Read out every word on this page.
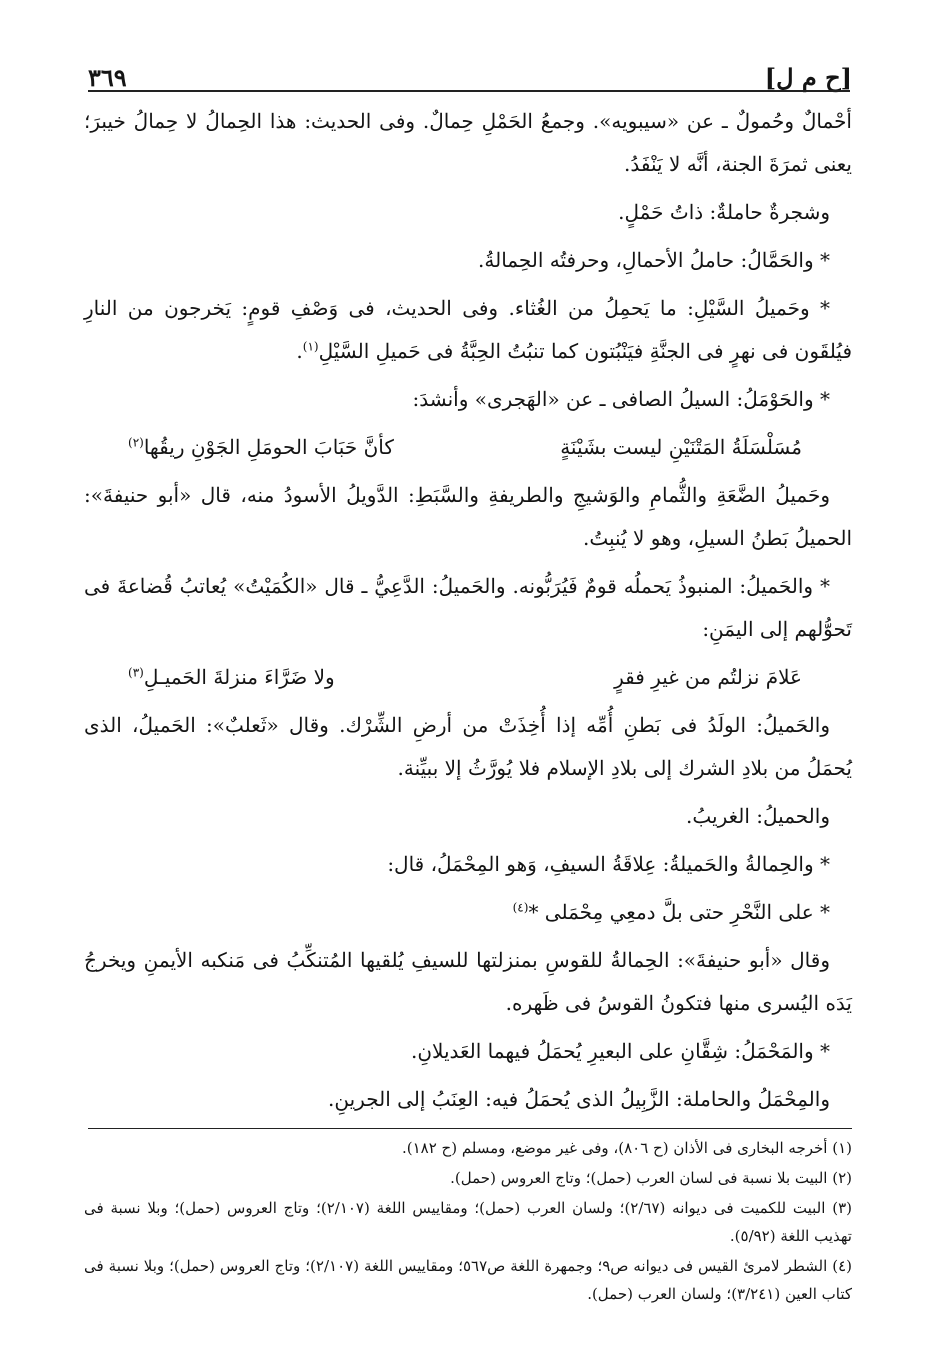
[ح م ل]
٣٦٩

أحْمالٌ وحُمولٌ ـ عن «سيبويه». وجمعُ الحَمْلِ حِمالٌ. وفى الحديث: هذا الحِمالُ لا حِمالُ خيبرَ؛ يعنى ثمرَةَ الجنة، أنَّه لا يَنْفَدُ.

وشجرةٌ حاملةٌ: ذاتُ حَمْلٍ.

* والحَمَّالُ: حاملُ الأحمالِ، وحرفتُه الحِمالةُ.

* وحَميلُ السَّيْلِ: ما يَحمِلُ من الغُثاء. وفى الحديث، فى وَصْفِ قومٍ: يَخرجون من النارِ فيُلقَون فى نهرٍ فى الجنَّةِ فيَنْبُتون كما تنبُتُ الحِبَّةُ فى حَميلِ السَّيْلِ$^{(١)}$.

* والحَوْمَلُ: السيلُ الصافى ـ عن «الهَجرى» وأنشدَ:

مُسَلْسَلَةُ المَتْنَيْنِ ليست بشَيْنَةٍ
كأنَّ حَبَابَ الحومَلِ الجَوْنِ ريقُها$^{(٢)}$

وحَميلُ الضَّعَةِ والثُّمامِ والوَشيجِ والطريفةِ والسَّبَطِ: الدَّويلُ الأسودُ منه، قال «أبو حنيفةَ»: الحميلُ بَطنُ السيلِ، وهو لا يُنبِتُ.

* والحَميلُ: المنبوذُ يَحملُه قومٌ فَيُرَبُّونه. والحَميلُ: الدَّعِيُّ ـ قال «الكُمَيْتُ» يُعاتبُ قُضاعةَ فى تَحوُّلهم إلى اليمَنِ:

عَلامَ نزلتُم من غيرِ فقرٍ
ولا ضَرَّاءَ منزلةَ الحَميـلِ$^{(٣)}$

والحَميلُ: الولَدُ فى بَطنِ أُمِّه إذا أُخِذَتْ من أرضِ الشِّرْك. وقال «ثَعلبٌ»: الحَميلُ، الذى يُحمَلُ من بلادِ الشرك إلى بلادِ الإسلام فلا يُورَّثُ إلا ببيِّنة.

والحميلُ: الغريبُ.

* والحِمالةُ والحَميلةُ: عِلاقَةُ السيفِ، وَهو المِحْمَلُ، قال:

* على النَّحْرِ حتى بلَّ دمعِي مِحْمَلى *$^{(٤)}$

وقال «أبو حنيفةَ»: الحِمالةُ للقوسِ بمنزلتها للسيفِ يُلقيها المُتنكِّبُ فى مَنكبه الأيمنِ ويخرجُ يَدَه اليُسرى منها فتكونُ القوسُ فى ظَهره.

* والمَحْمَلُ: شِقَّانِ على البعيرِ يُحمَلُ فيهما العَديلانِ.

والمِحْمَلُ والحاملة: الزَّبِيلُ الذى يُحمَلُ فيه: العِنَبُ إلى الجرينِ.

(١) أخرجه البخارى فى الأذان (ح ٨٠٦)، وفى غير موضع، ومسلم (ح ١٨٢).
(٢) البيت بلا نسبة فى لسان العرب (حمل)؛ وتاج العروس (حمل).
(٣) البيت للكميت فى ديوانه (٢/٦٧)؛ ولسان العرب (حمل)؛ ومقاييس اللغة (٢/١٠٧)؛ وتاج العروس (حمل)؛ وبلا نسبة فى تهذيب اللغة (٥/٩٢).
(٤) الشطر لامرئ القيس فى ديوانه ص٩؛ وجمهرة اللغة ص٥٦٧؛ ومقاييس اللغة (٢/١٠٧)؛ وتاج العروس (حمل)؛ وبلا نسبة فى كتاب العين (٣/٢٤١)؛ ولسان العرب (حمل).
